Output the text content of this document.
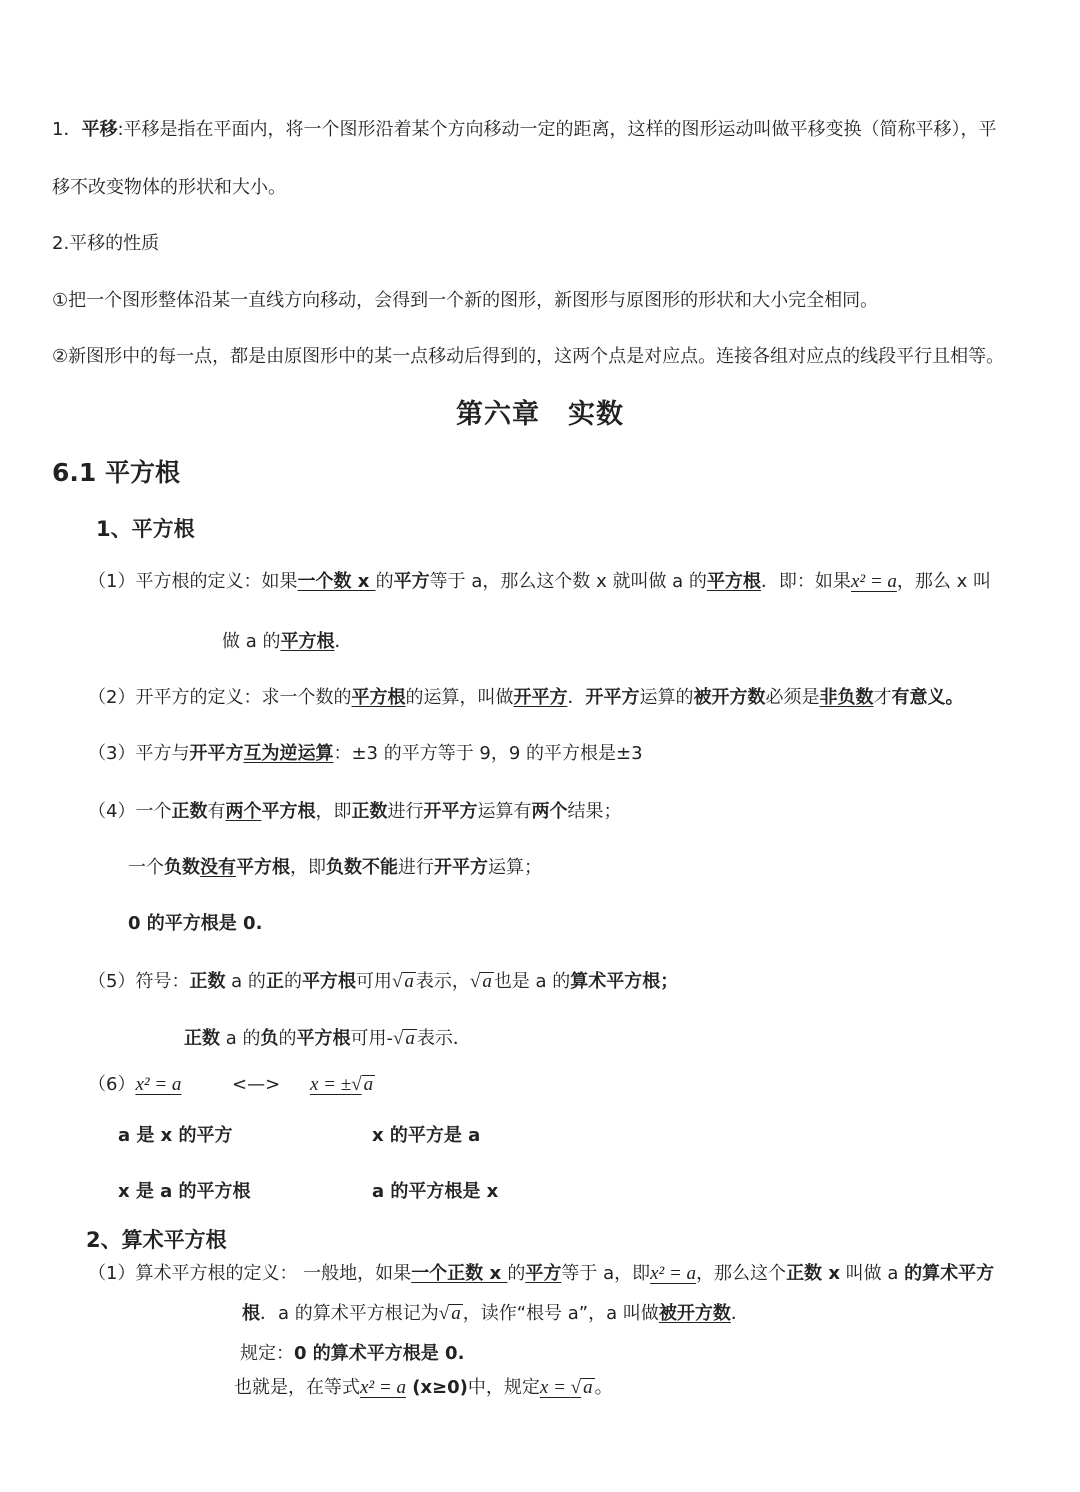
1．平移:平移是指在平面内，将一个图形沿着某个方向移动一定的距离，这样的图形运动叫做平移变换（简称平移），平
移不改变物体的形状和大小。
2.平移的性质
①把一个图形整体沿某一直线方向移动，会得到一个新的图形，新图形与原图形的形状和大小完全相同。
②新图形中的每一点，都是由原图形中的某一点移动后得到的，这两个点是对应点。连接各组对应点的线段平行且相等。
第六章　实数
6.1 平方根
1、平方根
（1）平方根的定义：如果一个数 x 的平方等于 a，那么这个数 x 就叫做 a 的平方根．即：如果x² = a，那么 x 叫
做 a 的平方根．
（2）开平方的定义：求一个数的平方根的运算，叫做开平方．开平方运算的被开方数必须是非负数才有意义。
（3）平方与开平方互为逆运算：±3 的平方等于 9，9 的平方根是±3
（4）一个正数有两个平方根，即正数进行开平方运算有两个结果；
一个负数没有平方根，即负数不能进行开平方运算；
0 的平方根是 0.
（5）符号：正数 a 的正的平方根可用√ a 表示，√ a 也是 a 的算术平方根；
正数 a 的负的平方根可用-√ a 表示．
（6）x² = a	<—> x = ±√ a
a 是 x 的平方	x 的平方是 a
x 是 a 的平方根	a 的平方根是 x
2、算术平方根
（1）算术平方根的定义： 一般地，如果一个正数 x 的平方等于 a，即x² = a，那么这个正数 x 叫做 a 的算术平方
根．a 的算术平方根记为√ a ，读作“根号 a”，a 叫做被开方数．
规定：0 的算术平方根是 0.
也就是，在等式x² = a (x≥0)中，规定x = √ a 。
